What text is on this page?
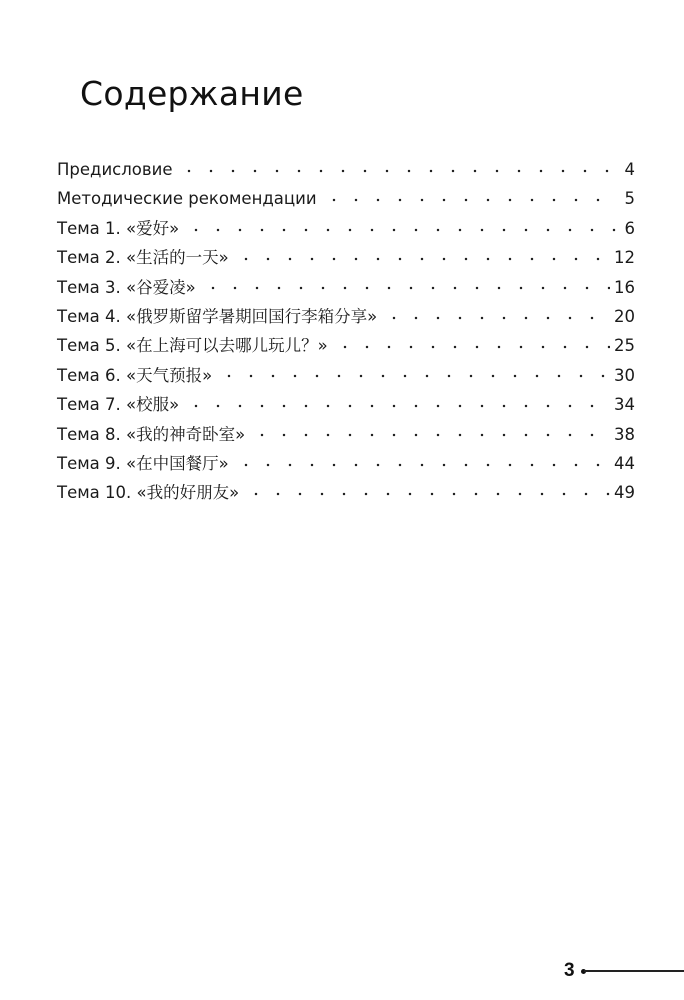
Содержание
Предисловие	4
Методические рекомендации	5
Тема 1. «爱好»	6
Тема 2. «生活的一天»	12
Тема 3. «谷爱凌»	16
Тема 4. «俄罗斯留学暑期回国行李箱分享»	20
Тема 5. «在上海可以去哪儿玩儿？»	25
Тема 6. «天气预报»	30
Тема 7. «校服»	34
Тема 8. «我的神奇卧室»	38
Тема 9. «在中国餐厅»	44
Тема 10. «我的好朋友»	49
3
